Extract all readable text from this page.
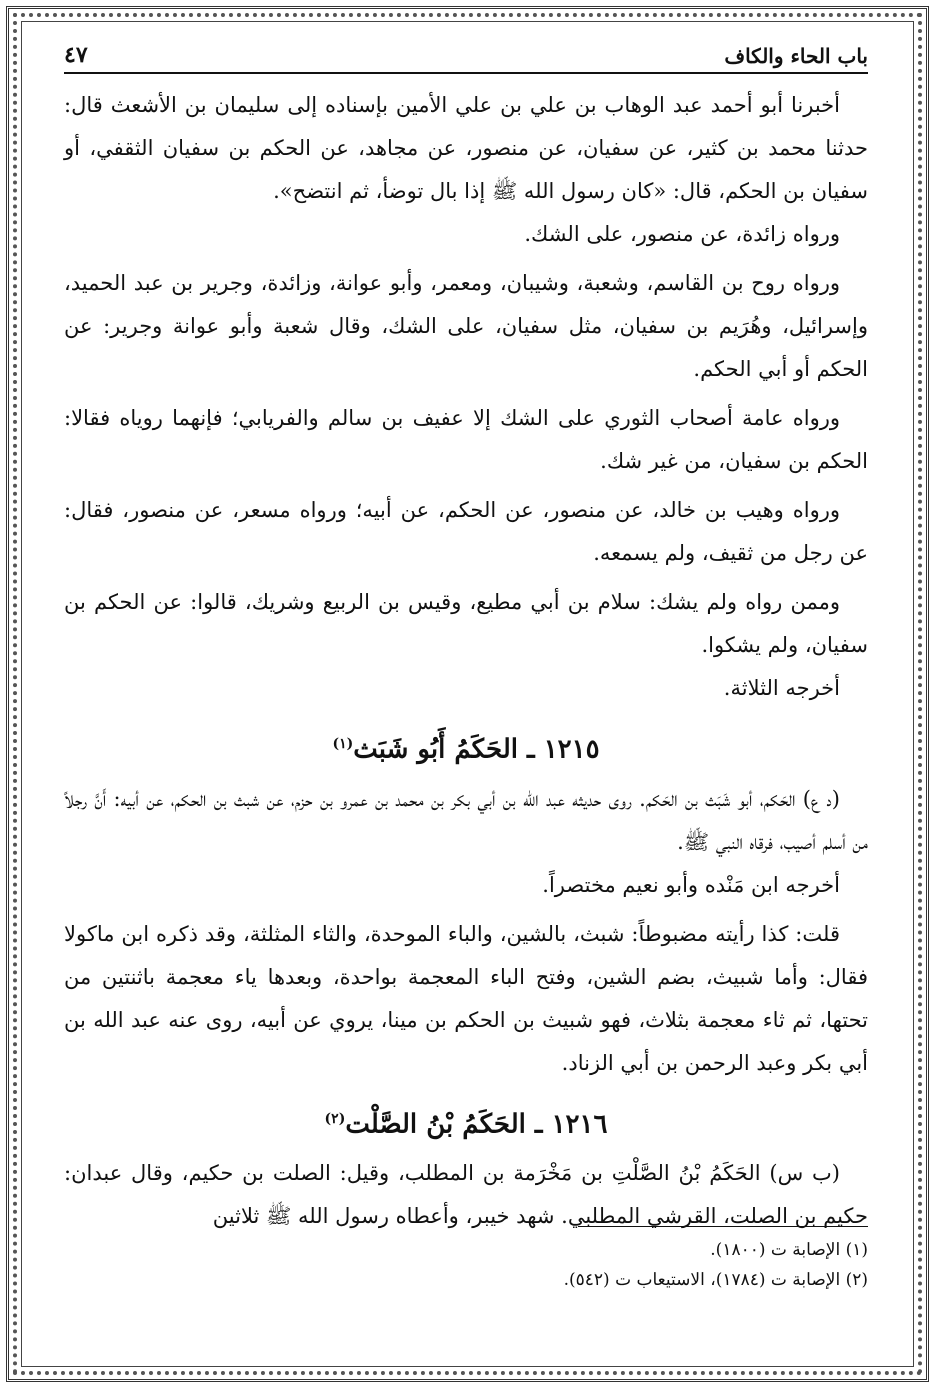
باب الحاء والكاف
٤٧

أخبرنا أبو أحمد عبد الوهاب بن علي بن علي الأمين بإسناده إلى سليمان بن الأشعث قال: حدثنا محمد بن كثير، عن سفيان، عن منصور، عن مجاهد، عن الحكم بن سفيان الثقفي، أو سفيان بن الحكم، قال: «كان رسول الله ﷺ إذا بال توضأ، ثم انتضح».

ورواه زائدة، عن منصور، على الشك.

ورواه روح بن القاسم، وشعبة، وشيبان، ومعمر، وأبو عوانة، وزائدة، وجرير بن عبد الحميد، وإسرائيل، وهُرَيم بن سفيان، مثل سفيان، على الشك، وقال شعبة وأبو عوانة وجرير: عن الحكم أو أبي الحكم.

ورواه عامة أصحاب الثوري على الشك إلا عفيف بن سالم والفريابي؛ فإنهما روياه فقالا: الحكم بن سفيان، من غير شك.

ورواه وهيب بن خالد، عن منصور، عن الحكم، عن أبيه؛ ورواه مسعر، عن منصور، فقال: عن رجل من ثقيف، ولم يسمعه.

وممن رواه ولم يشك: سلام بن أبي مطيع، وقيس بن الربيع وشريك، قالوا: عن الحكم بن سفيان، ولم يشكوا.

أخرجه الثلاثة.

١٢١٥ ـ الحَكَمُ أَبُو شَبَث$^{(١)}$

(د ع) الحَكم، أبو شَبَث بن الحَكم. روى حديثه عبد الله بن أبي بكر بن محمد بن عمرو بن حزم، عن شبث بن الحكم، عن أبيه: أَنَّ رجلاً من أسلم أصيب، فرقاه النبي ﷺ.

أخرجه ابن مَنْده وأبو نعيم مختصراً.

قلت: كذا رأيته مضبوطاً: شبث، بالشين، والباء الموحدة، والثاء المثلثة، وقد ذكره ابن ماكولا فقال: وأما شبيث، بضم الشين، وفتح الباء المعجمة بواحدة، وبعدها ياء معجمة باثنتين من تحتها، ثم ثاء معجمة بثلاث، فهو شبيث بن الحكم بن مينا، يروي عن أبيه، روى عنه عبد الله بن أبي بكر وعبد الرحمن بن أبي الزناد.

١٢١٦ ـ الحَكَمُ بْنُ الصَّلْت$^{(٢)}$

(ب س) الحَكَمُ بْنُ الصَّلْتِ بن مَخْرَمة بن المطلب، وقيل: الصلت بن حكيم، وقال عبدان: حكيم بن الصلت، القرشي المطلبي. شهد خيبر، وأعطاه رسول الله ﷺ ثلاثين

(١) الإصابة ت (١٨٠٠).

(٢) الإصابة ت (١٧٨٤)، الاستيعاب ت (٥٤٢).
